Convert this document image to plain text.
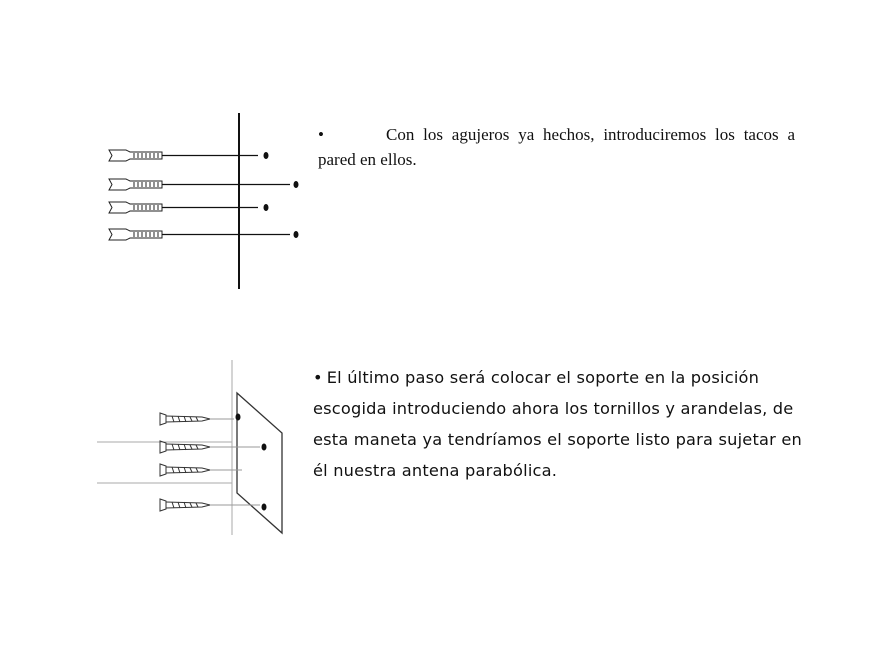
•	Con los agujeros ya hechos, introduciremos los tacos a pared en ellos.

• El último paso será colocar el soporte en la posición escogida introduciendo ahora los tornillos y arandelas, de esta maneta ya tendríamos el soporte listo para sujetar en él nuestra antena parabólica.
